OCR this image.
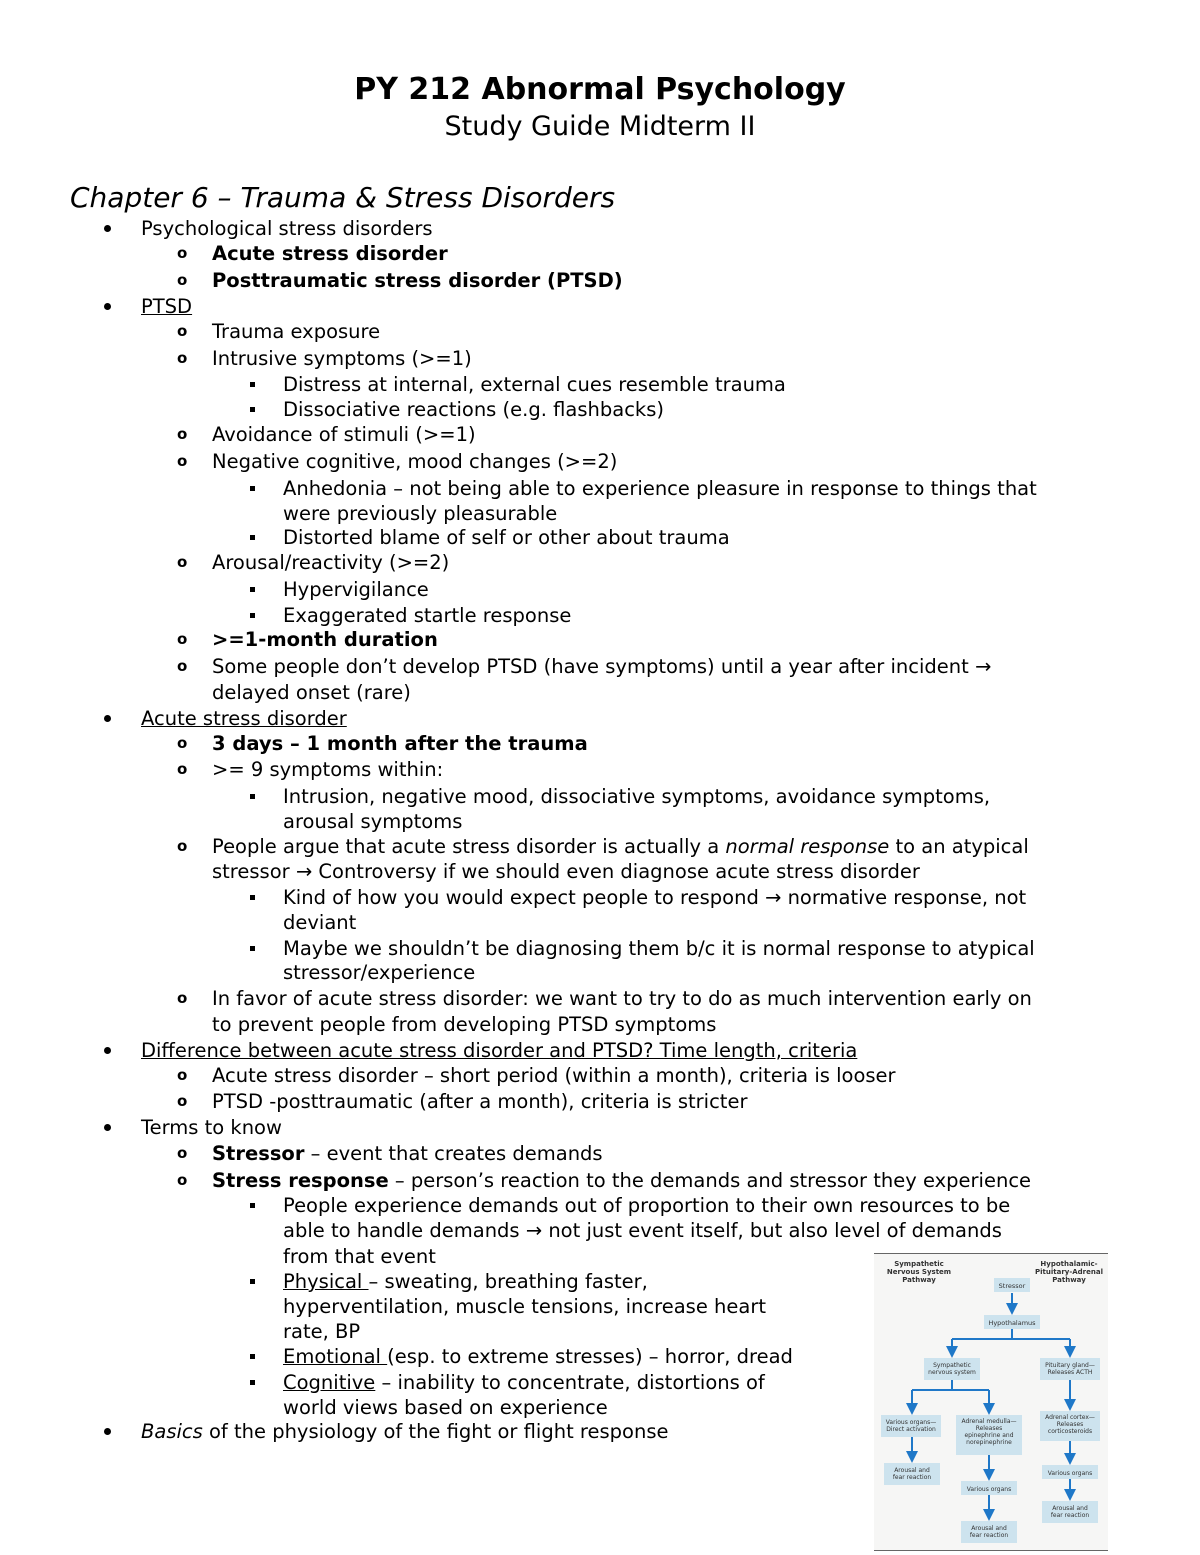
PY 212 Abnormal Psychology
Study Guide Midterm II
Chapter 6 – Trauma & Stress Disorders
Psychological stress disorders
o Acute stress disorder
o Posttraumatic stress disorder (PTSD)
PTSD
o Trauma exposure
o Intrusive symptoms (>=1)
Distress at internal, external cues resemble trauma
Dissociative reactions (e.g. flashbacks)
o Avoidance of stimuli (>=1)
o Negative cognitive, mood changes (>=2)
Anhedonia – not being able to experience pleasure in response to things that
were previously pleasurable
Distorted blame of self or other about trauma
o Arousal/reactivity (>=2)
Hypervigilance
Exaggerated startle response
o >=1-month duration
o Some people don’t develop PTSD (have symptoms) until a year after incident →
delayed onset (rare)
Acute stress disorder
o 3 days – 1 month after the trauma
o >= 9 symptoms within:
Intrusion, negative mood, dissociative symptoms, avoidance symptoms,
arousal symptoms
o People argue that acute stress disorder is actually a normal response to an atypical
stressor → Controversy if we should even diagnose acute stress disorder
Kind of how you would expect people to respond → normative response, not
deviant
Maybe we shouldn’t be diagnosing them b/c it is normal response to atypical
stressor/experience
o In favor of acute stress disorder: we want to try to do as much intervention early on
to prevent people from developing PTSD symptoms
Difference between acute stress disorder and PTSD? Time length, criteria
o Acute stress disorder – short period (within a month), criteria is looser
o PTSD -posttraumatic (after a month), criteria is stricter
Terms to know
o Stressor – event that creates demands
o Stress response – person’s reaction to the demands and stressor they experience
People experience demands out of proportion to their own resources to be
able to handle demands → not just event itself, but also level of demands
from that event
Physical – sweating, breathing faster,
hyperventilation, muscle tensions, increase heart
rate, BP
Emotional (esp. to extreme stresses) – horror, dread
Cognitive – inability to concentrate, distortions of
world views based on experience
Basics of the physiology of the fight or flight response
Sympathetic Nervous System Pathway
Hypothalamic-Pituitary-Adrenal Pathway
Stressor
Hypothalamus
Sympathetic nervous system
Pituitary gland— Releases ACTH
Various organs— Direct activation
Adrenal medulla— Releases epinephrine and norepinephrine
Adrenal cortex— Releases corticosteroids
Arousal and fear reaction
Various organs
Various organs
Arousal and fear reaction
Arousal and fear reaction
